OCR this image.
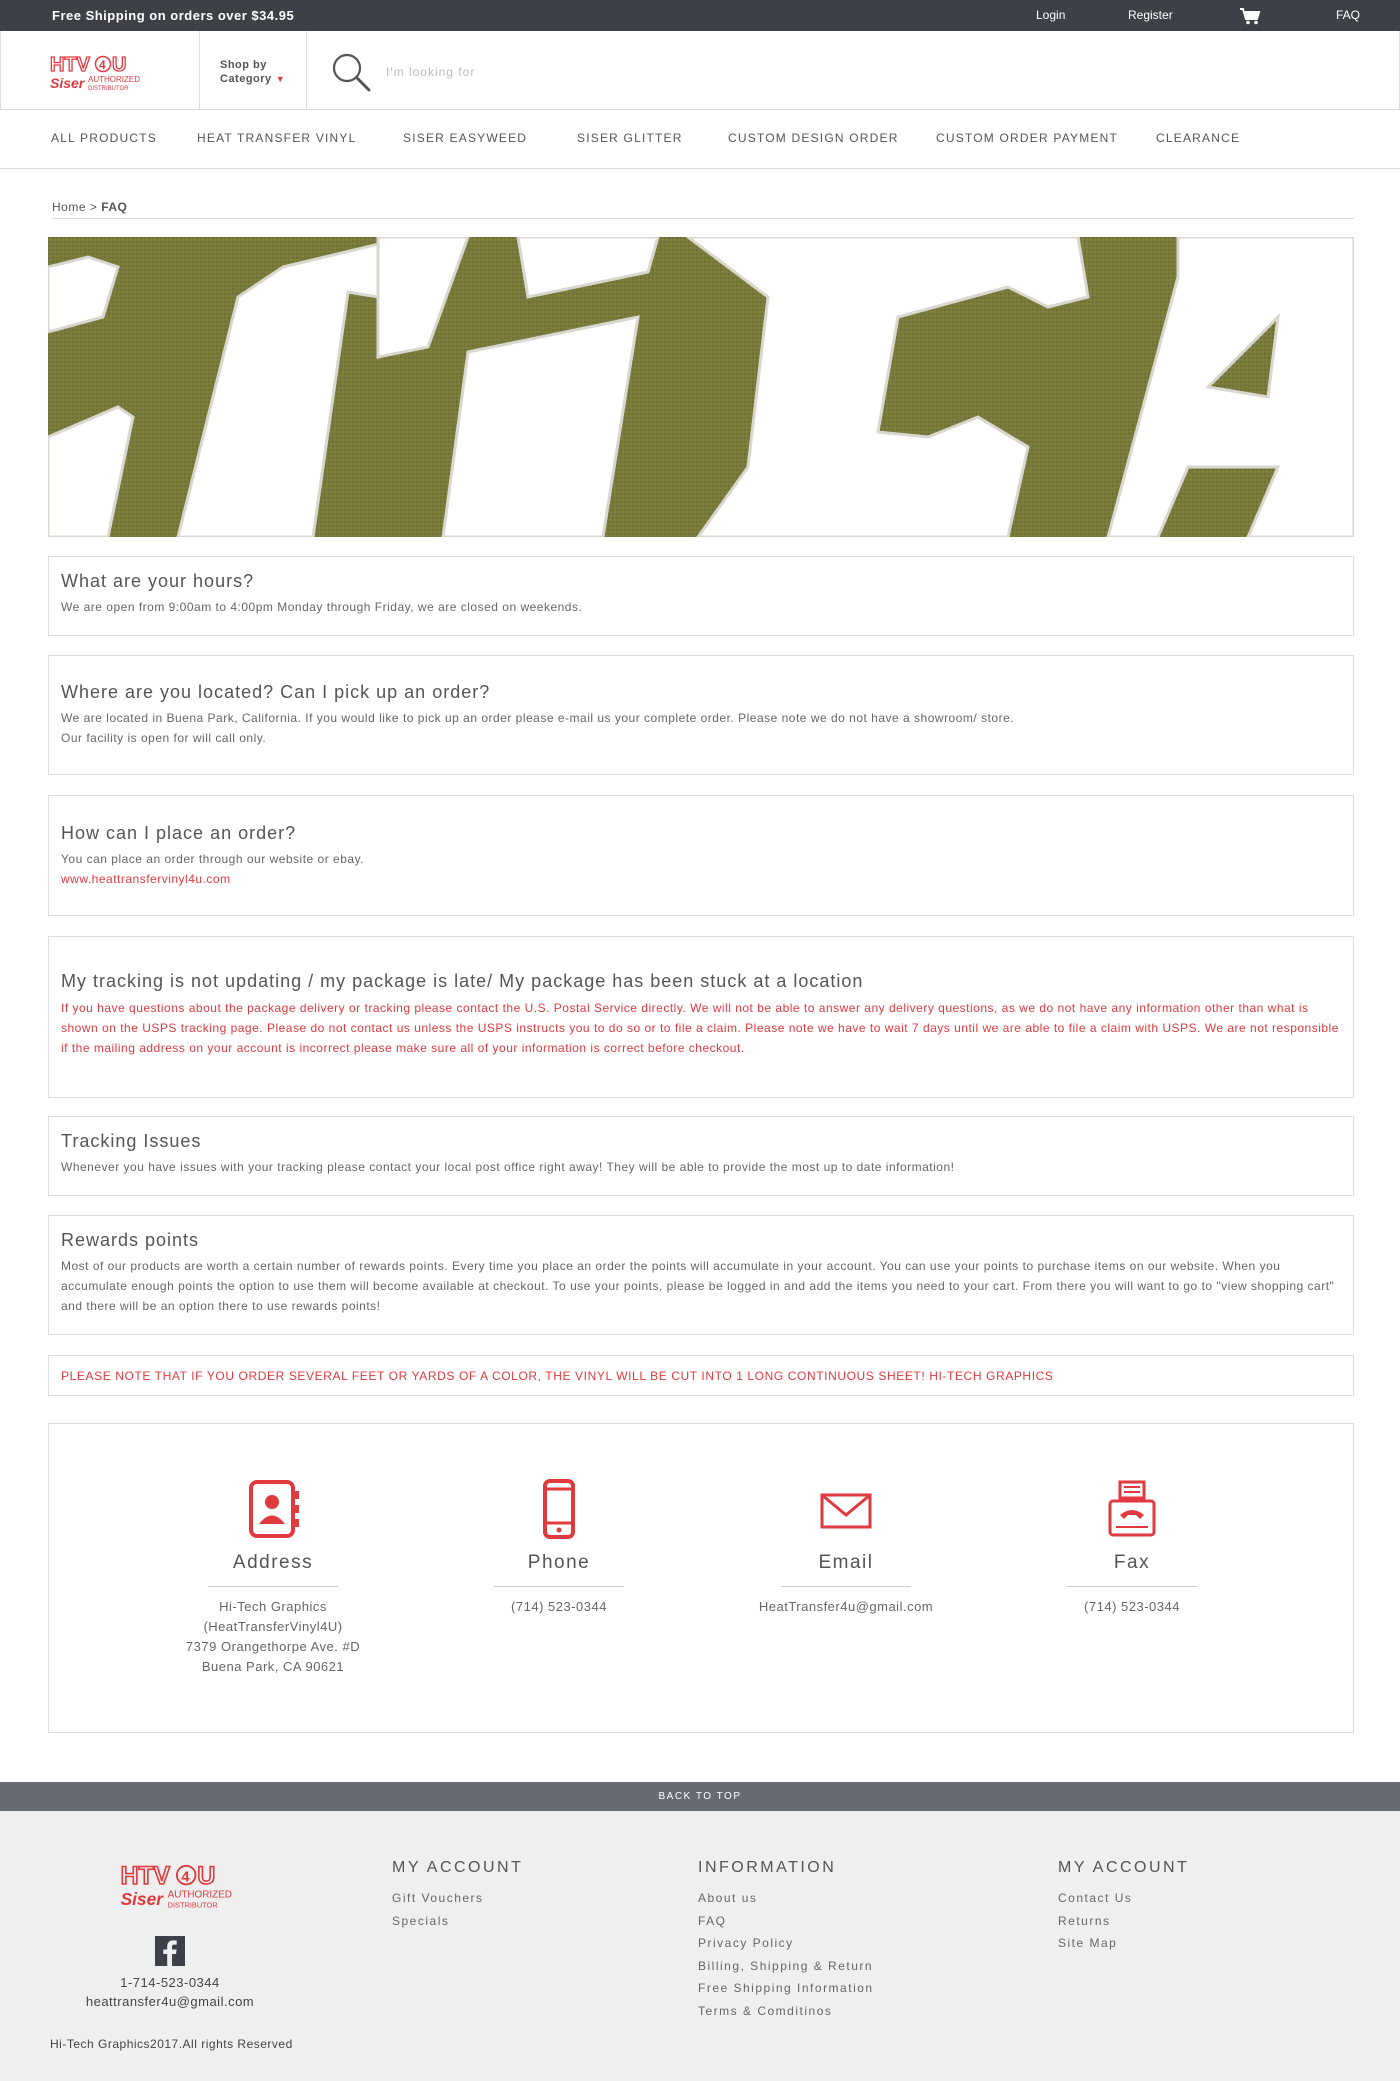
Free Shipping on orders over $34.95	Login	Register	FAQ
HTV 4 U
Siser AUTHORIZED
DISTRIBUTOR
Shop by
Category ▼
I'm looking for
ALL PRODUCTS	HEAT TRANSFER VINYL	SISER EASYWEED	SISER GLITTER	CUSTOM DESIGN ORDER	CUSTOM ORDER PAYMENT	CLEARANCE
Home > FAQ
What are your hours?
We are open from 9:00am to 4:00pm Monday through Friday, we are closed on weekends.
Where are you located? Can I pick up an order?
We are located in Buena Park, California. If you would like to pick up an order please e-mail us your complete order. Please note we do not have a showroom/ store.
Our facility is open for will call only.
How can I place an order?
You can place an order through our website or ebay.
www.heattransfervinyl4u.com
My tracking is not updating / my package is late/ My package has been stuck at a location
If you have questions about the package delivery or tracking please contact the U.S. Postal Service directly. We will not be able to answer any delivery questions, as we do not have any information other than what is shown on the USPS tracking page. Please do not contact us unless the USPS instructs you to do so or to file a claim. Please note we have to wait 7 days until we are able to file a claim with USPS. We are not responsible if the mailing address on your account is incorrect please make sure all of your information is correct before checkout.
Tracking Issues
Whenever you have issues with your tracking please contact your local post office right away! They will be able to provide the most up to date information!
Rewards points
Most of our products are worth a certain number of rewards points. Every time you place an order the points will accumulate in your account. You can use your points to purchase items on our website. When you accumulate enough points the option to use them will become available at checkout. To use your points, please be logged in and add the items you need to your cart. From there you will want to go to "view shopping cart" and there will be an option there to use rewards points!
PLEASE NOTE THAT IF YOU ORDER SEVERAL FEET OR YARDS OF A COLOR, THE VINYL WILL BE CUT INTO 1 LONG CONTINUOUS SHEET! HI-TECH GRAPHICS
Address
Hi-Tech Graphics
(HeatTransferVinyl4U)
7379 Orangethorpe Ave. #D
Buena Park, CA 90621
Phone
(714) 523-0344
Email
HeatTransfer4u@gmail.com
Fax
(714) 523-0344
BACK TO TOP
HTV 4 U
Siser AUTHORIZED
DISTRIBUTOR
1-714-523-0344
heattransfer4u@gmail.com
Hi-Tech Graphics2017.All rights Reserved
MY ACCOUNT
Gift Vouchers
Specials
INFORMATION
About us
FAQ
Privacy Policy
Billing, Shipping & Return
Free Shipping Information
Terms & Comditinos
MY ACCOUNT
Contact Us
Returns
Site Map
